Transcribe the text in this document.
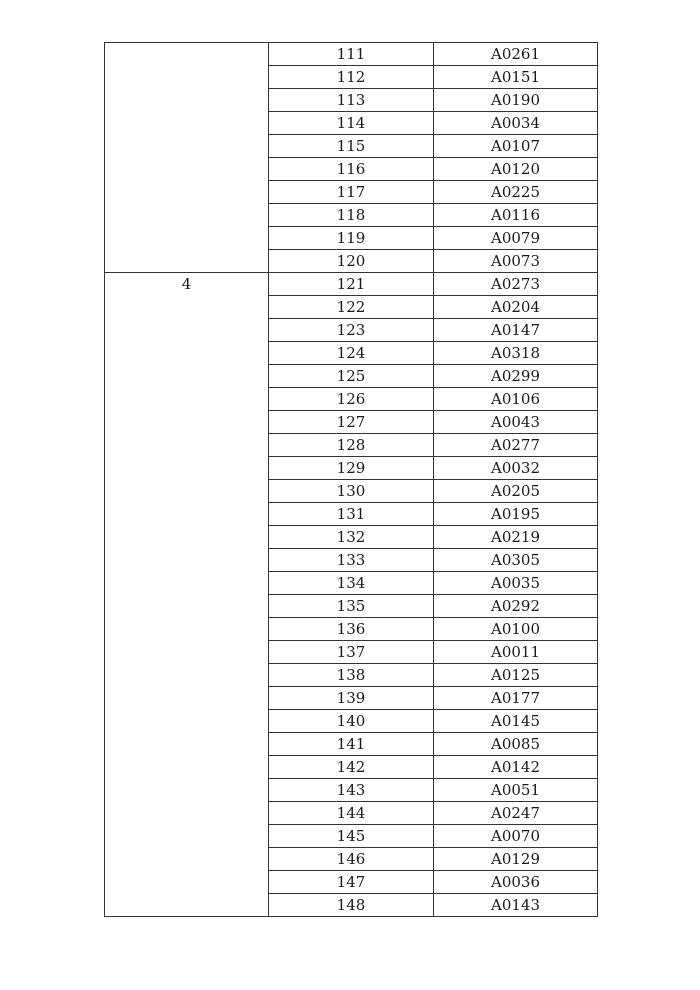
	111	A0261
	112	A0151
	113	A0190
	114	A0034
	115	A0107
	116	A0120
	117	A0225
	118	A0116
	119	A0079
	120	A0073
4	121	A0273
	122	A0204
	123	A0147
	124	A0318
	125	A0299
	126	A0106
	127	A0043
	128	A0277
	129	A0032
	130	A0205
	131	A0195
	132	A0219
	133	A0305
	134	A0035
	135	A0292
	136	A0100
	137	A0011
	138	A0125
	139	A0177
	140	A0145
	141	A0085
	142	A0142
	143	A0051
	144	A0247
	145	A0070
	146	A0129
	147	A0036
	148	A0143
